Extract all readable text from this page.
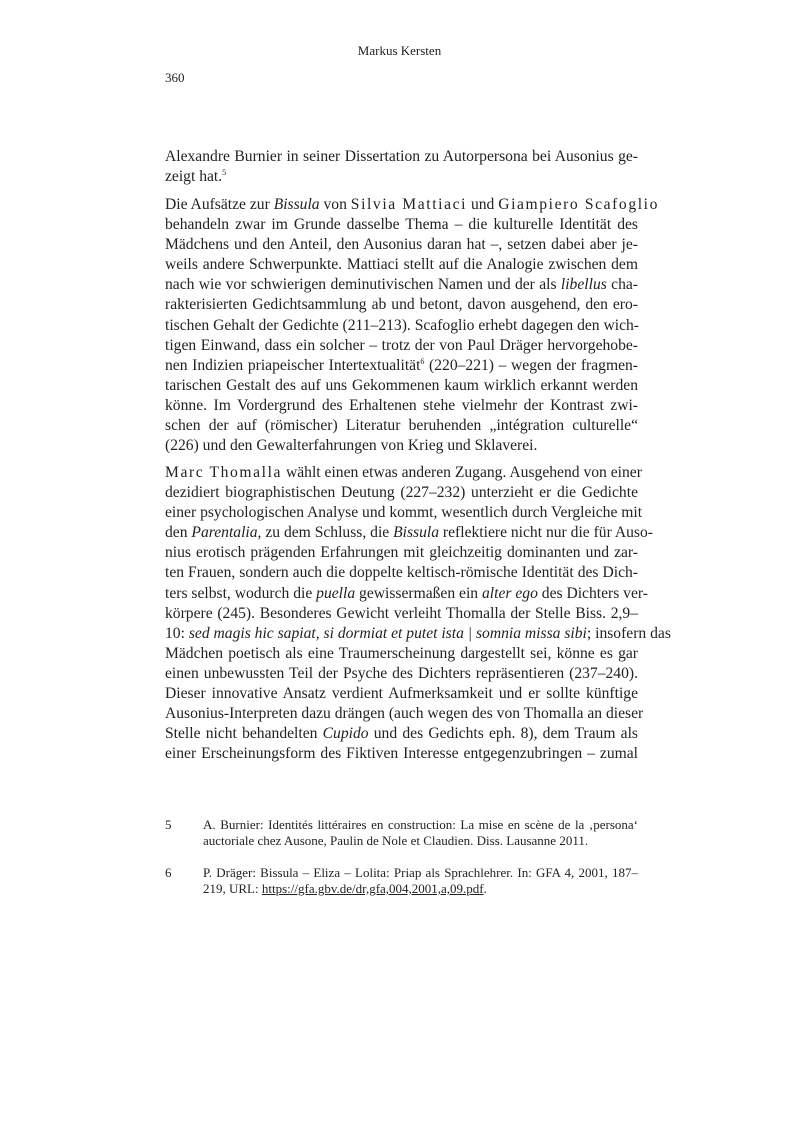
Markus Kersten
360
Alexandre Burnier in seiner Dissertation zu Autorpersona bei Ausonius ge-
zeigt hat.$^5$
Die Aufsätze zur Bissula von Silvia Mattiaci und Giampiero Scafoglio
behandeln zwar im Grunde dasselbe Thema – die kulturelle Identität des
Mädchens und den Anteil, den Ausonius daran hat –, setzen dabei aber je-
weils andere Schwerpunkte. Mattiaci stellt auf die Analogie zwischen dem
nach wie vor schwierigen deminutivischen Namen und der als libellus cha-
rakterisierten Gedichtsammlung ab und betont, davon ausgehend, den ero-
tischen Gehalt der Gedichte (211–213). Scafoglio erhebt dagegen den wich-
tigen Einwand, dass ein solcher – trotz der von Paul Dräger hervorgehobe-
nen Indizien priapeischer Intertextualität$^6$ (220–221) – wegen der fragmen-
tarischen Gestalt des auf uns Gekommenen kaum wirklich erkannt werden
könne. Im Vordergrund des Erhaltenen stehe vielmehr der Kontrast zwi-
schen der auf (römischer) Literatur beruhenden „intégration culturelle“
(226) und den Gewalterfahrungen von Krieg und Sklaverei.
Marc Thomalla wählt einen etwas anderen Zugang. Ausgehend von einer
dezidiert biographistischen Deutung (227–232) unterzieht er die Gedichte
einer psychologischen Analyse und kommt, wesentlich durch Vergleiche mit
den Parentalia, zu dem Schluss, die Bissula reflektiere nicht nur die für Auso-
nius erotisch prägenden Erfahrungen mit gleichzeitig dominanten und zar-
ten Frauen, sondern auch die doppelte keltisch-römische Identität des Dich-
ters selbst, wodurch die puella gewissermaßen ein alter ego des Dichters ver-
körpere (245). Besonderes Gewicht verleiht Thomalla der Stelle Biss. 2,9–
10: sed magis hic sapiat, si dormiat et putet ista | somnia missa sibi; insofern das
Mädchen poetisch als eine Traumerscheinung dargestellt sei, könne es gar
einen unbewussten Teil der Psyche des Dichters repräsentieren (237–240).
Dieser innovative Ansatz verdient Aufmerksamkeit und er sollte künftige
Ausonius-Interpreten dazu drängen (auch wegen des von Thomalla an dieser
Stelle nicht behandelten Cupido und des Gedichts eph. 8), dem Traum als
einer Erscheinungsform des Fiktiven Interesse entgegenzubringen – zumal
5 A. Burnier: Identités littéraires en construction: La mise en scène de la ‚persona‘ auctoriale chez Ausone, Paulin de Nole et Claudien. Diss. Lausanne 2011.
6 P. Dräger: Bissula – Eliza – Lolita: Priap als Sprachlehrer. In: GFA 4, 2001, 187–219, URL: https://gfa.gbv.de/dr,gfa,004,2001,a,09.pdf.
